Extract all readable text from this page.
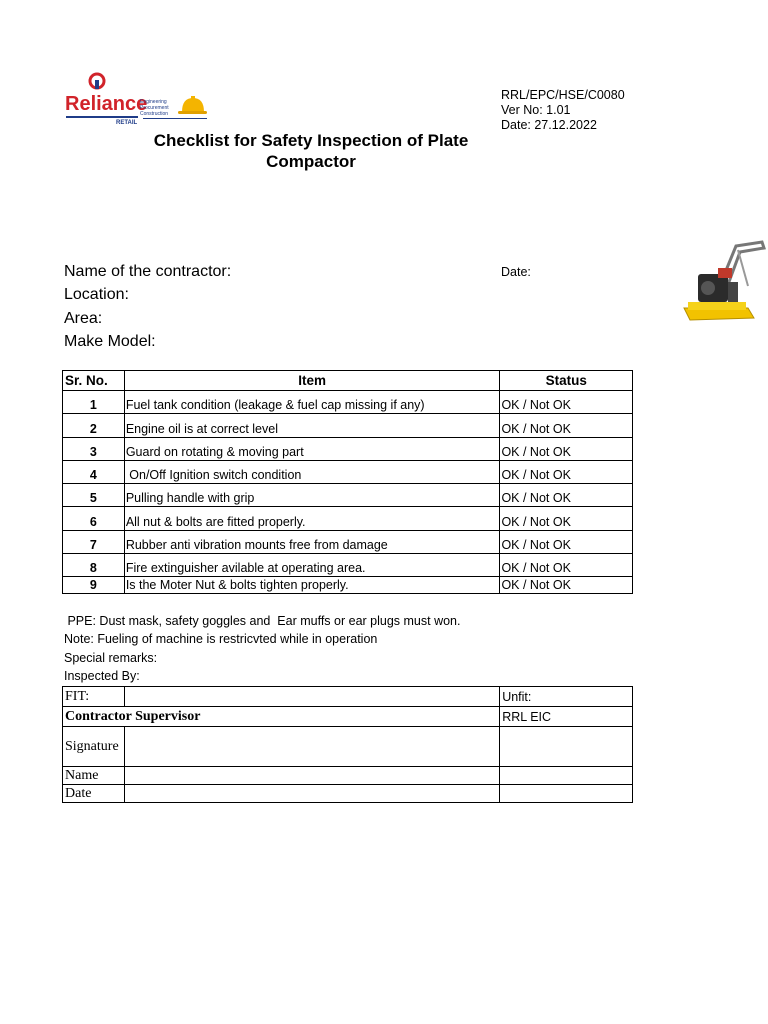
Reliance
RETAIL
Engineering
Procurement
Construction
RRL/EPC/HSE/C0080
Ver No: 1.01
Date: 27.12.2022
Checklist for Safety Inspection of Plate
Compactor
Name of the contractor:
Location:
Area:
Make Model:
Date:
Sr. No.	Item	Status
1	Fuel tank condition (leakage & fuel cap missing if any)	OK / Not OK
2	Engine oil is at correct level	OK / Not OK
3	Guard on rotating & moving part	OK / Not OK
4	On/Off Ignition switch condition	OK / Not OK
5	Pulling handle with grip	OK / Not OK
6	All nut & bolts are fitted properly.	OK / Not OK
7	Rubber anti vibration mounts free from damage	OK / Not OK
8	Fire extinguisher avilable at operating area.	OK / Not OK
9	Is the Moter Nut & bolts tighten properly.	OK / Not OK
PPE: Dust mask, safety goggles and  Ear muffs or ear plugs must won.
Note: Fueling of machine is restricvted while in operation
Special remarks:
Inspected By:
FIT:		Unfit:
Contractor Supervisor		RRL EIC
Signature		
Name		
Date		
